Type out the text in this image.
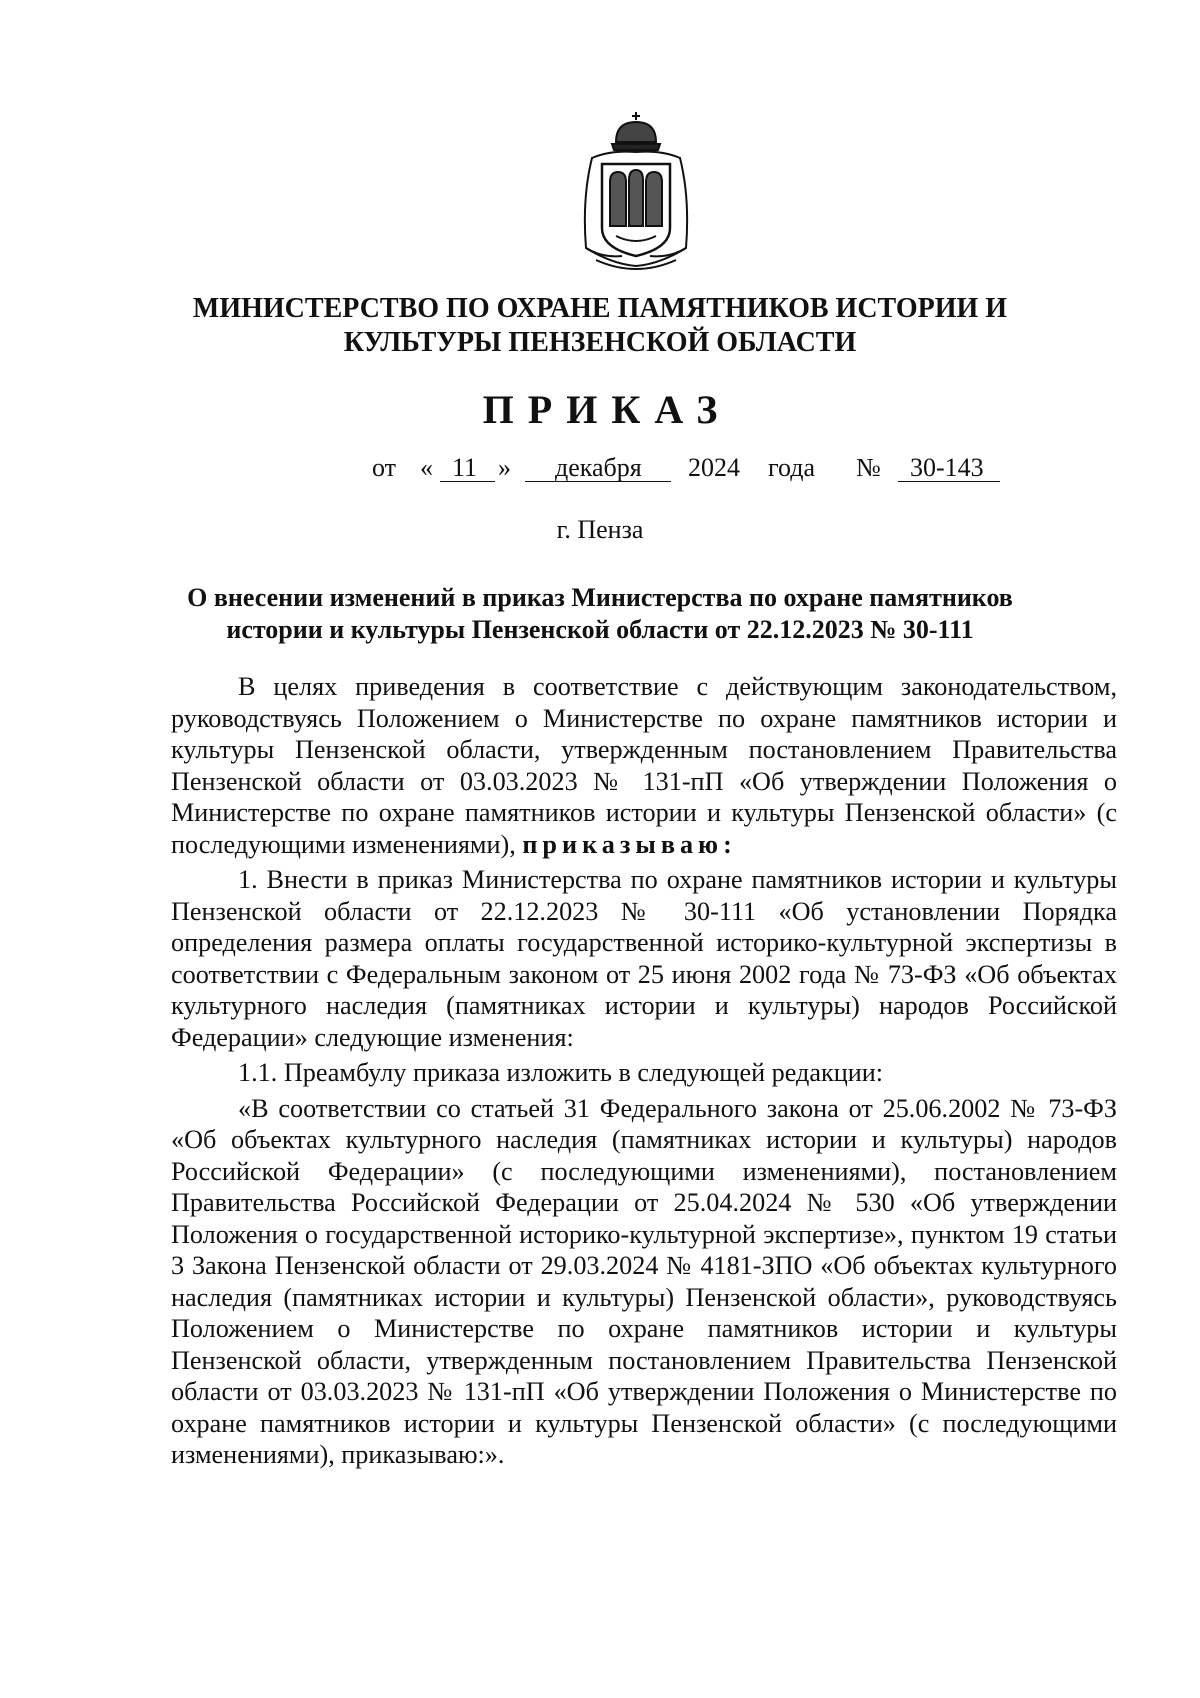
МИНИСТЕРСТВО ПО ОХРАНЕ ПАМЯТНИКОВ ИСТОРИИ И
КУЛЬТУРЫ ПЕНЗЕНСКОЙ ОБЛАСТИ
ПРИКАЗ
от « 11 » декабря 2024 года № 30-143
г. Пенза
О внесении изменений в приказ Министерства по охране памятников
истории и культуры Пензенской области от 22.12.2023 № 30-111

В целях приведения в соответствие с действующим законодательством, руководствуясь Положением о Министерстве по охране памятников истории и культуры Пензенской области, утвержденным постановлением Правительства Пензенской области от 03.03.2023 № 131-пП «Об утверждении Положения о Министерстве по охране памятников истории и культуры Пензенской области» (с последующими изменениями), приказываю:

1. Внести в приказ Министерства по охране памятников истории и культуры Пензенской области от 22.12.2023 № 30-111 «Об установлении Порядка определения размера оплаты государственной историко-культурной экспертизы в соответствии с Федеральным законом от 25 июня 2002 года № 73-ФЗ «Об объектах культурного наследия (памятниках истории и культуры) народов Российской Федерации» следующие изменения:

1.1. Преамбулу приказа изложить в следующей редакции:

«В соответствии со статьей 31 Федерального закона от 25.06.2002 № 73-ФЗ «Об объектах культурного наследия (памятниках истории и культуры) народов Российской Федерации» (с последующими изменениями), постановлением Правительства Российской Федерации от 25.04.2024 № 530 «Об утверждении Положения о государственной историко-культурной экспертизе», пунктом 19 статьи 3 Закона Пензенской области от 29.03.2024 № 4181-ЗПО «Об объектах культурного наследия (памятниках истории и культуры) Пензенской области», руководствуясь Положением о Министерстве по охране памятников истории и культуры Пензенской области, утвержденным постановлением Правительства Пензенской области от 03.03.2023 № 131-пП «Об утверждении Положения о Министерстве по охране памятников истории и культуры Пензенской области» (с последующими изменениями), приказываю:».
